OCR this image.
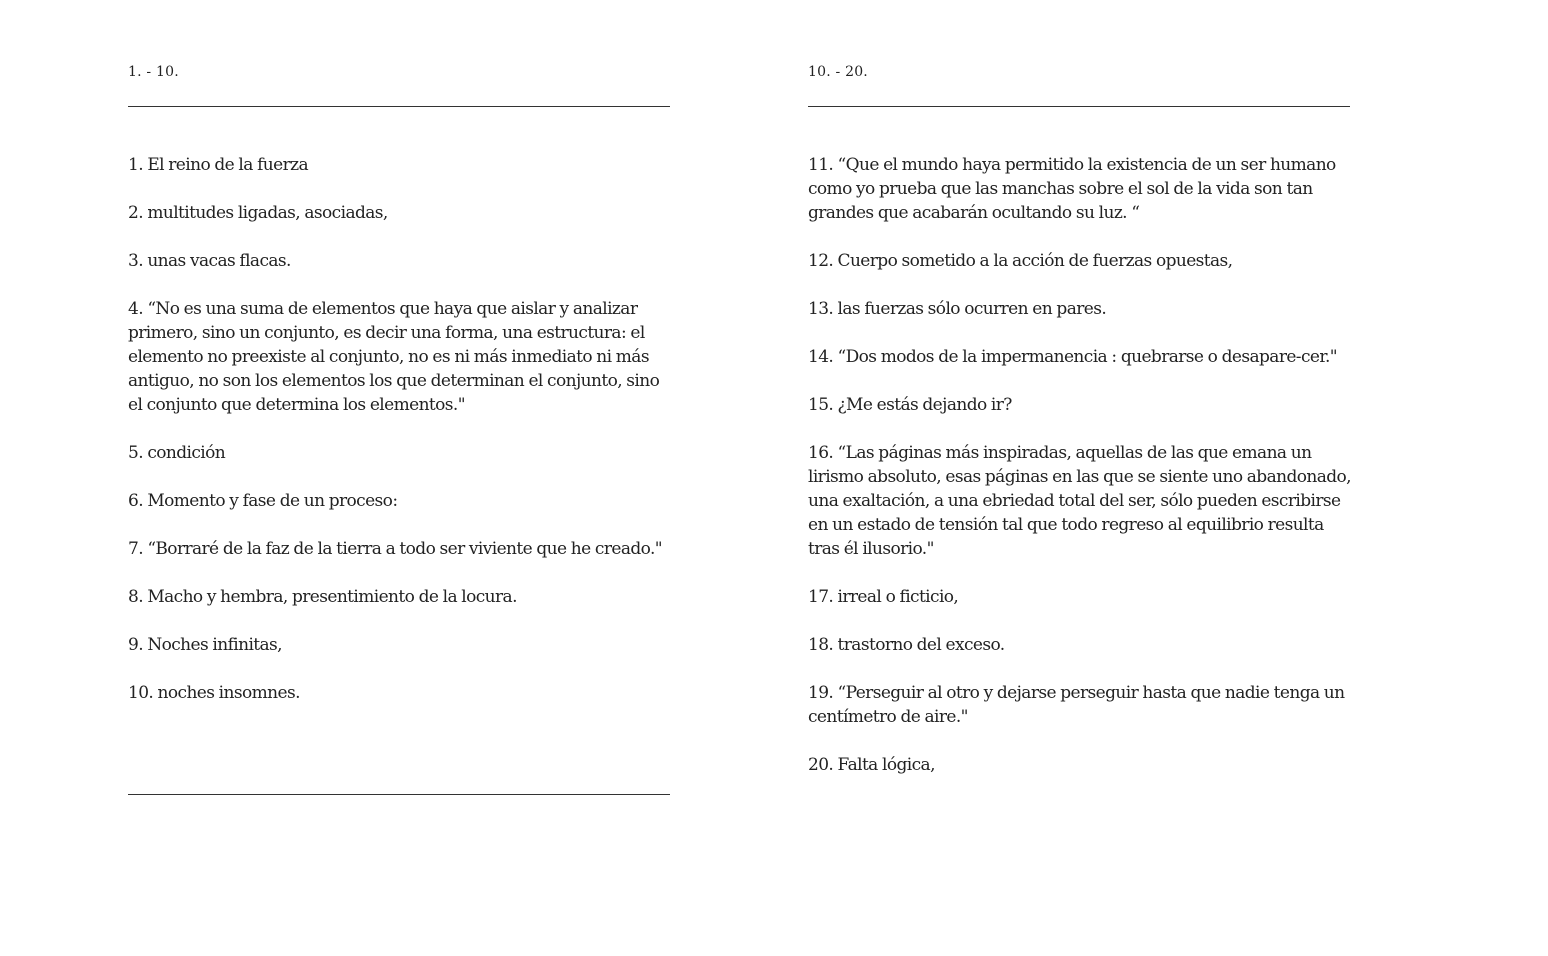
1. - 10.
1. El reino de la fuerza
2. multitudes ligadas, asociadas,
3. unas vacas flacas.
4. “No es una suma de elementos que haya que aislar y analizar primero, sino un conjunto, es decir una forma, una estructura: el elemento no preexiste al conjunto, no es ni más inmediato ni más antiguo, no son los elementos los que determinan el conjunto, sino el conjunto que determina los elementos."
5. condición
6. Momento y fase de un proceso:
7. “Borraré de la faz de la tierra a todo ser viviente que he creado."
8. Macho y hembra, presentimiento de la locura.
9. Noches infinitas,
10. noches insomnes.
10. - 20.
11. “Que el mundo haya permitido la existencia de un ser humano como yo prueba que las manchas sobre el sol de la vida son tan grandes que acabarán ocultando su luz. “
12. Cuerpo sometido a la acción de fuerzas opuestas,
13. las fuerzas sólo ocurren en pares.
14. “Dos modos de la impermanencia : quebrarse o desapare-cer."
15. ¿Me estás dejando ir?
16. “Las páginas más inspiradas, aquellas de las que emana un lirismo absoluto, esas páginas en las que se siente uno abandonado, una exaltación, a una ebriedad total del ser, sólo pueden escribirse en un estado de tensión tal que todo regreso al equilibrio resulta tras él ilusorio."
17. irreal o ficticio,
18. trastorno del exceso.
19. “Perseguir al otro y dejarse perseguir hasta que nadie tenga un centímetro de aire."
20. Falta lógica,
